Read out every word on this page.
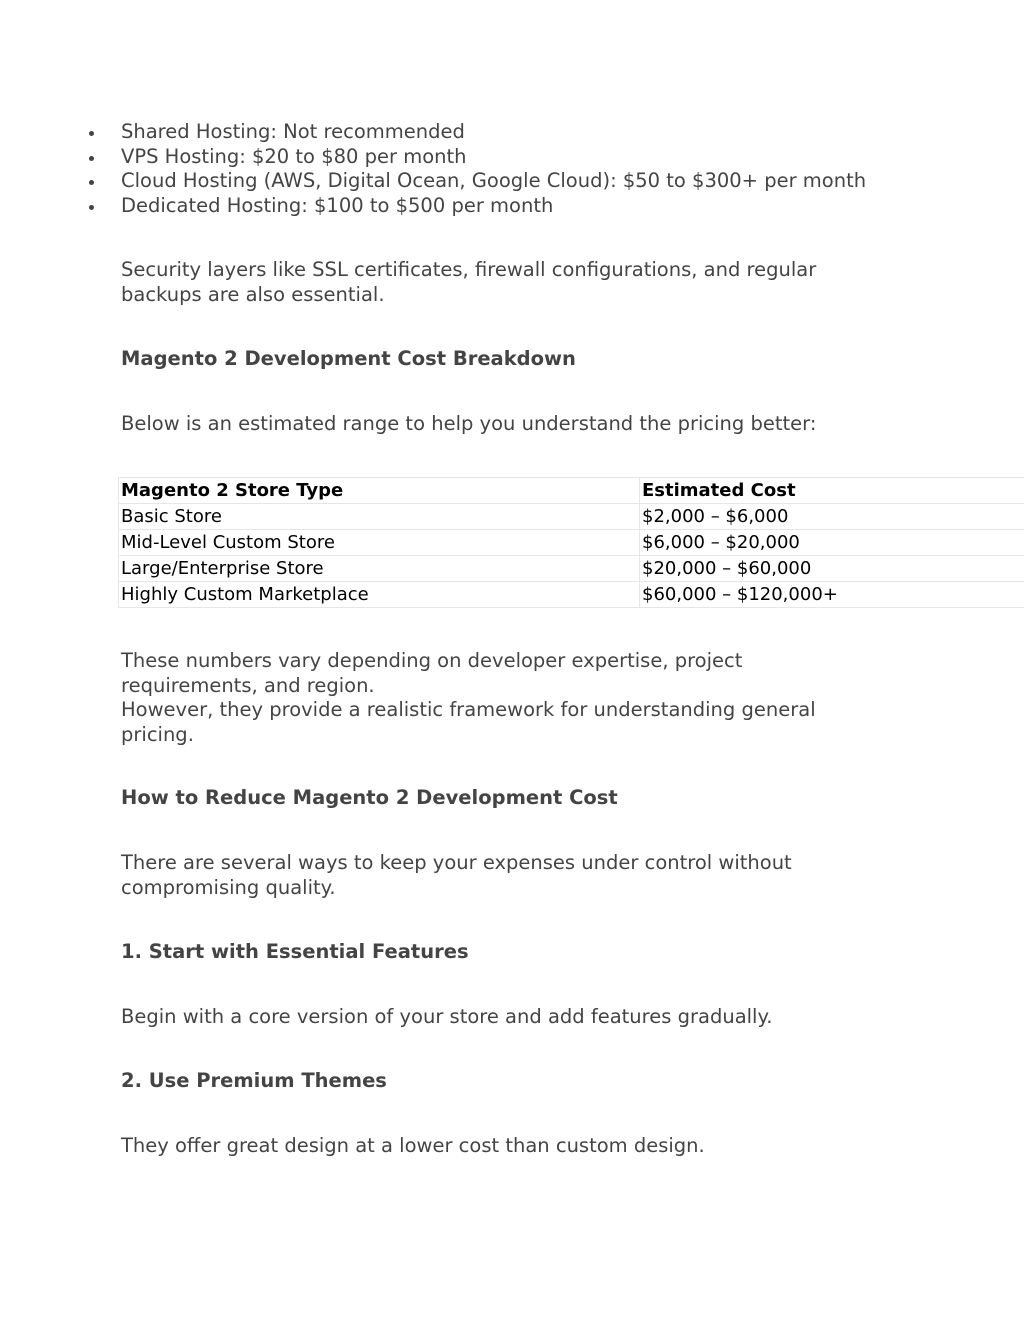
Shared Hosting: Not recommended
VPS Hosting: $20 to $80 per month
Cloud Hosting (AWS, Digital Ocean, Google Cloud): $50 to $300+ per month
Dedicated Hosting: $100 to $500 per month

Security layers like SSL certificates, firewall configurations, and regular
backups are also essential.

Magento 2 Development Cost Breakdown

Below is an estimated range to help you understand the pricing better:

Magento 2 Store Type	Estimated Cost
Basic Store	$2,000 – $6,000
Mid-Level Custom Store	$6,000 – $20,000
Large/Enterprise Store	$20,000 – $60,000
Highly Custom Marketplace	$60,000 – $120,000+

These numbers vary depending on developer expertise, project
requirements, and region.
However, they provide a realistic framework for understanding general
pricing.

How to Reduce Magento 2 Development Cost

There are several ways to keep your expenses under control without
compromising quality.

1. Start with Essential Features

Begin with a core version of your store and add features gradually.

2. Use Premium Themes

They offer great design at a lower cost than custom design.
